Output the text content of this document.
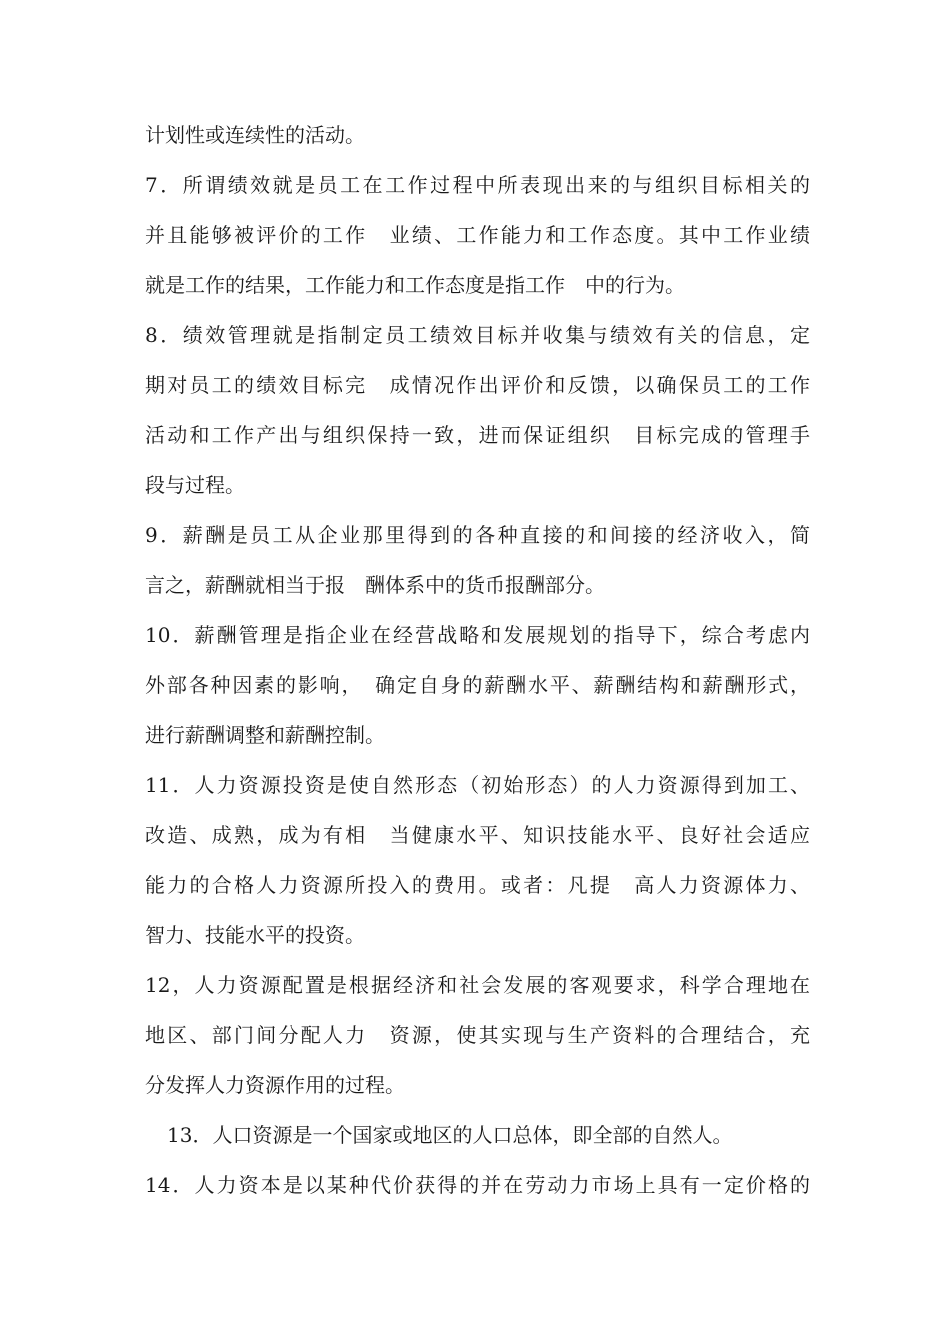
计划性或连续性的活动。
7．所谓绩效就是员工在工作过程中所表现出来的与组织目标相关的
并且能够被评价的工作　业绩、工作能力和工作态度。其中工作业绩
就是工作的结果，工作能力和工作态度是指工作　中的行为。
8．绩效管理就是指制定员工绩效目标并收集与绩效有关的信息，定
期对员工的绩效目标完　成情况作出评价和反馈，以确保员工的工作
活动和工作产出与组织保持一致，进而保证组织　目标完成的管理手
段与过程。
9．薪酬是员工从企业那里得到的各种直接的和间接的经济收入，简
言之，薪酬就相当于报　酬体系中的货币报酬部分。
10．薪酬管理是指企业在经营战略和发展规划的指导下，综合考虑内
外部各种因素的影响，　确定自身的薪酬水平、薪酬结构和薪酬形式，
进行薪酬调整和薪酬控制。
11．人力资源投资是使自然形态（初始形态）的人力资源得到加工、
改造、成熟，成为有相　当健康水平、知识技能水平、良好社会适应
能力的合格人力资源所投入的费用。或者：凡提　高人力资源体力、
智力、技能水平的投资。
12，人力资源配置是根据经济和社会发展的客观要求，科学合理地在
地区、部门间分配人力　资源，使其实现与生产资料的合理结合，充
分发挥人力资源作用的过程。
13．人口资源是一个国家或地区的人口总体，即全部的自然人。
14．人力资本是以某种代价获得的并在劳动力市场上具有一定价格的
